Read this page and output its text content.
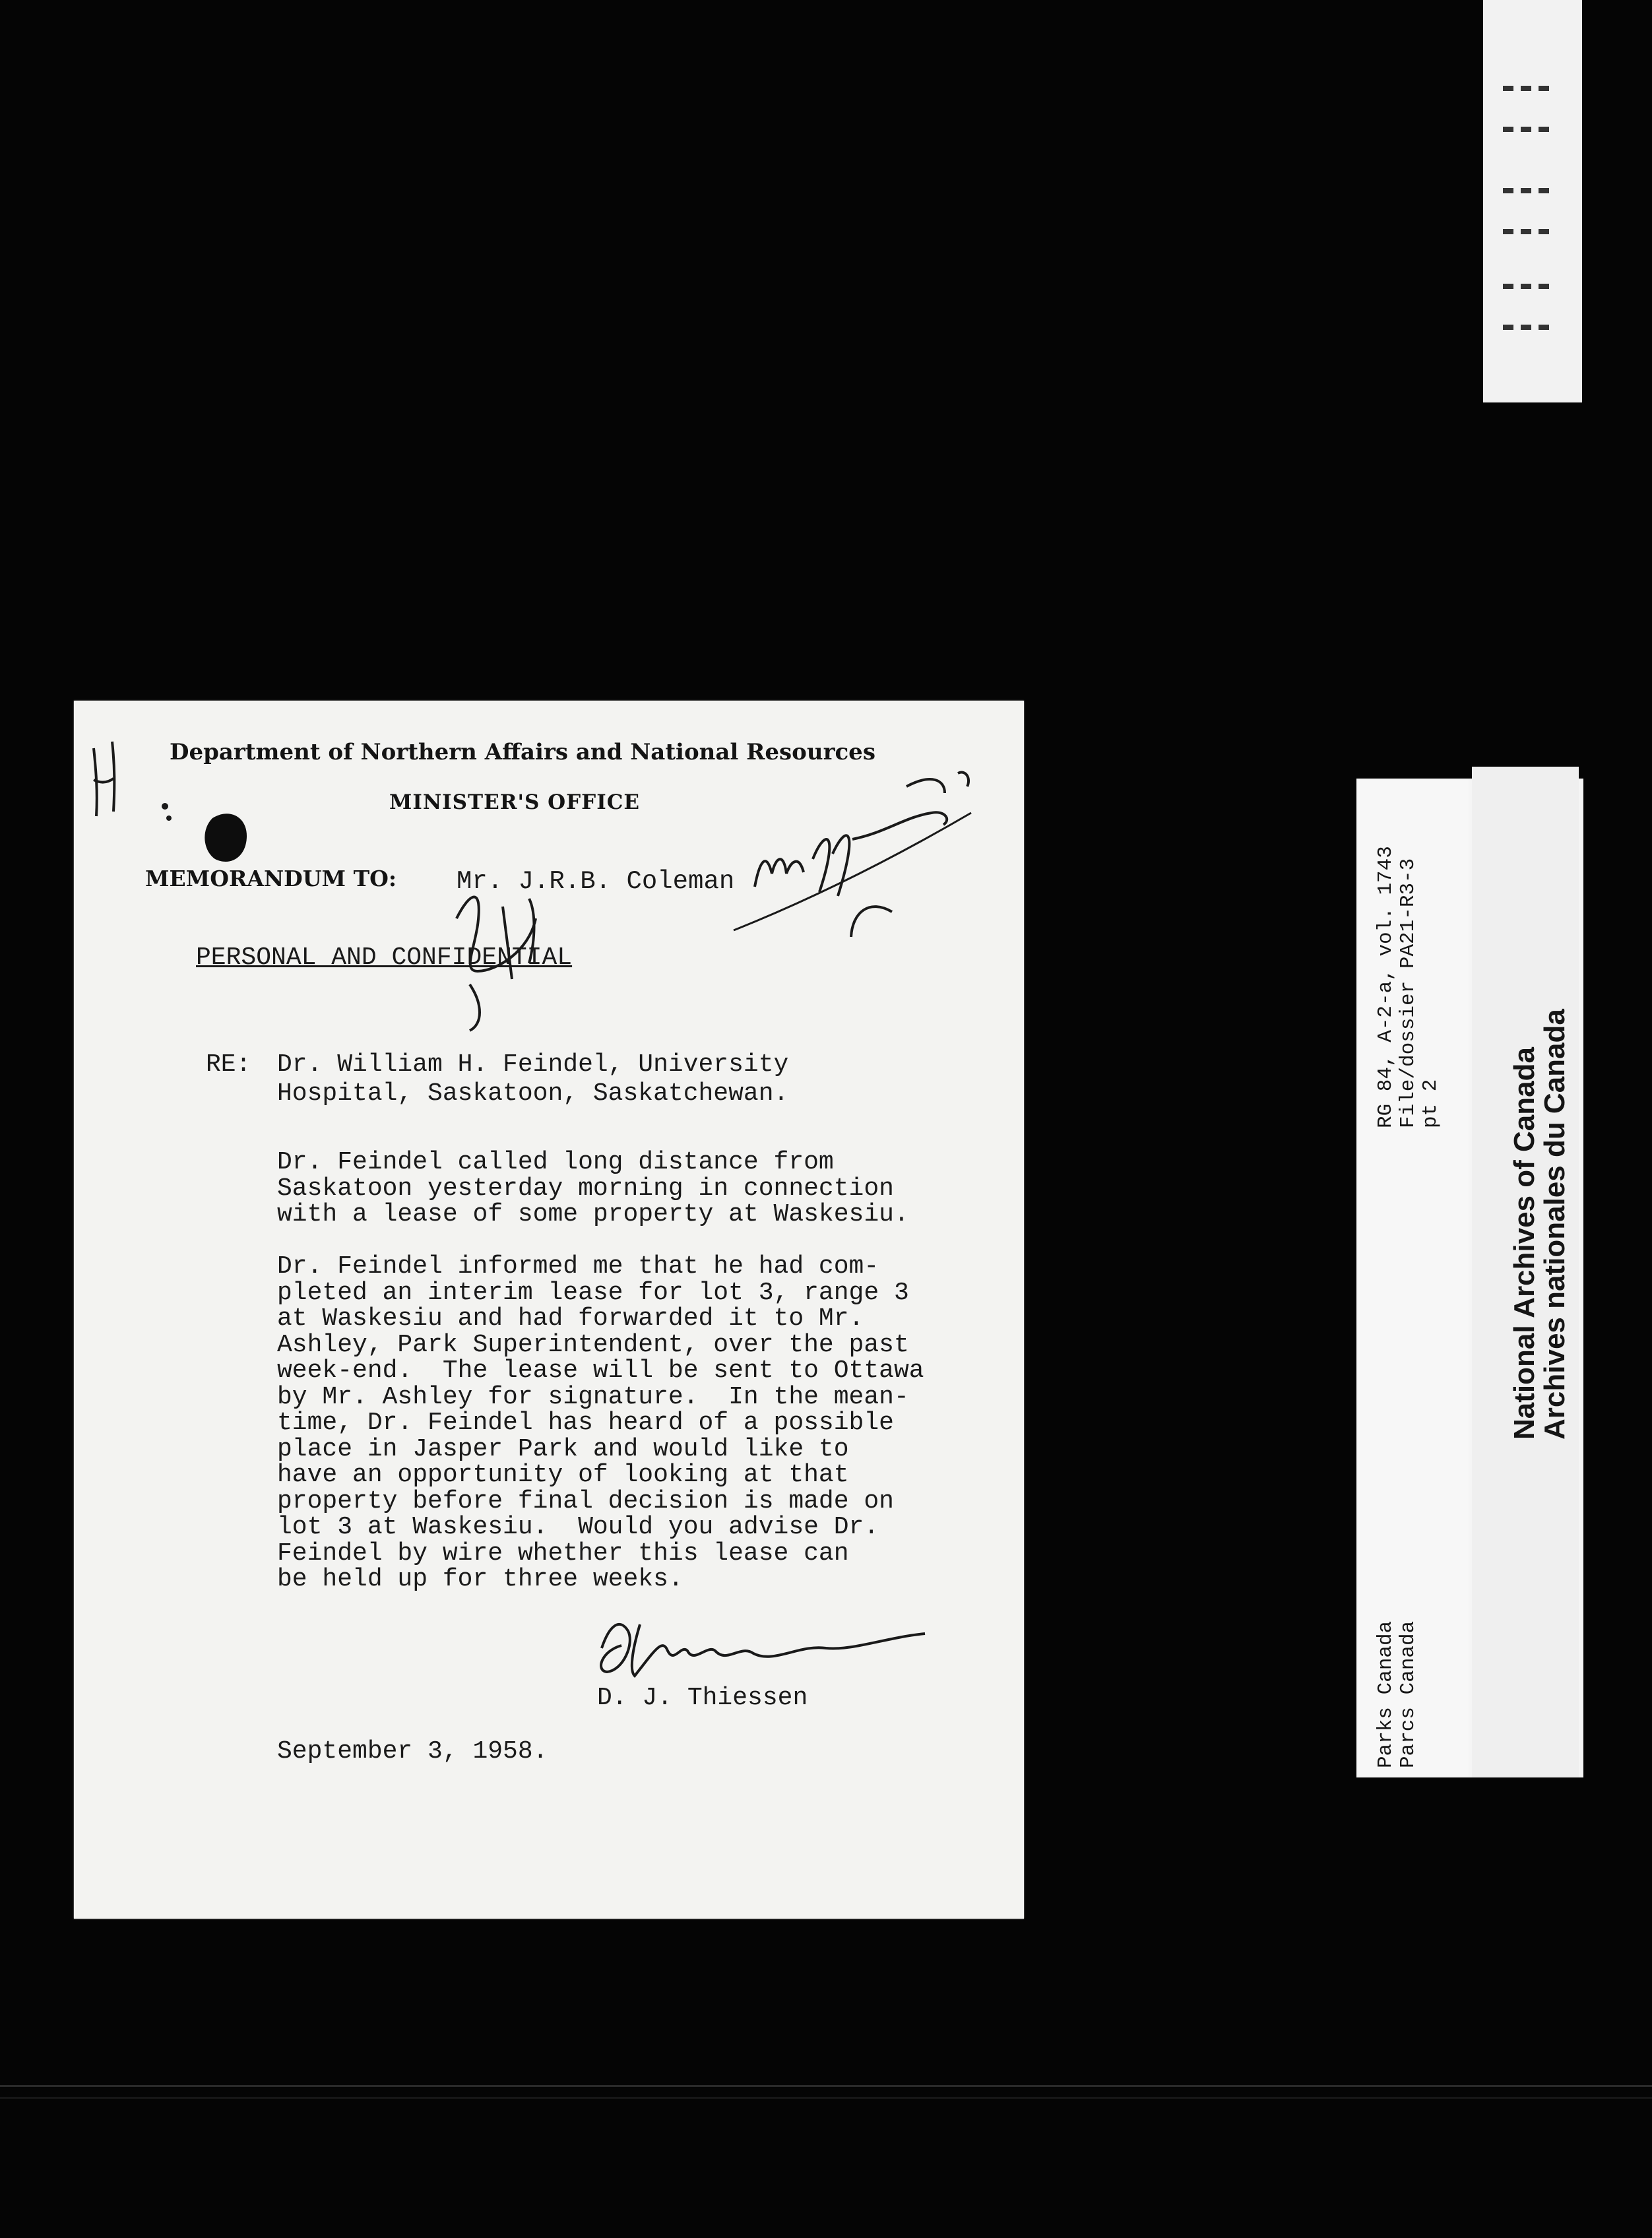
Department of Northern Affairs and National Resources
MINISTER'S OFFICE
MEMORANDUM TO: Mr. J.R.B. Coleman
PERSONAL AND CONFIDENTIAL
RE: Dr. William H. Feindel, University
Hospital, Saskatoon, Saskatchewan.
Dr. Feindel called long distance from
Saskatoon yesterday morning in connection
with a lease of some property at Waskesiu.
Dr. Feindel informed me that he had com-
pleted an interim lease for lot 3, range 3
at Waskesiu and had forwarded it to Mr.
Ashley, Park Superintendent, over the past
week-end.  The lease will be sent to Ottawa
by Mr. Ashley for signature.  In the mean-
time, Dr. Feindel has heard of a possible
place in Jasper Park and would like to
have an opportunity of looking at that
property before final decision is made on
lot 3 at Waskesiu.  Would you advise Dr.
Feindel by wire whether this lease can
be held up for three weeks.
D. J. Thiessen
September 3, 1958.
RG 84, A-2-a, vol. 1743
File/dossier PA21-R3-3
pt 2
Parks Canada
Parcs Canada
National Archives of Canada
Archives nationales du Canada
